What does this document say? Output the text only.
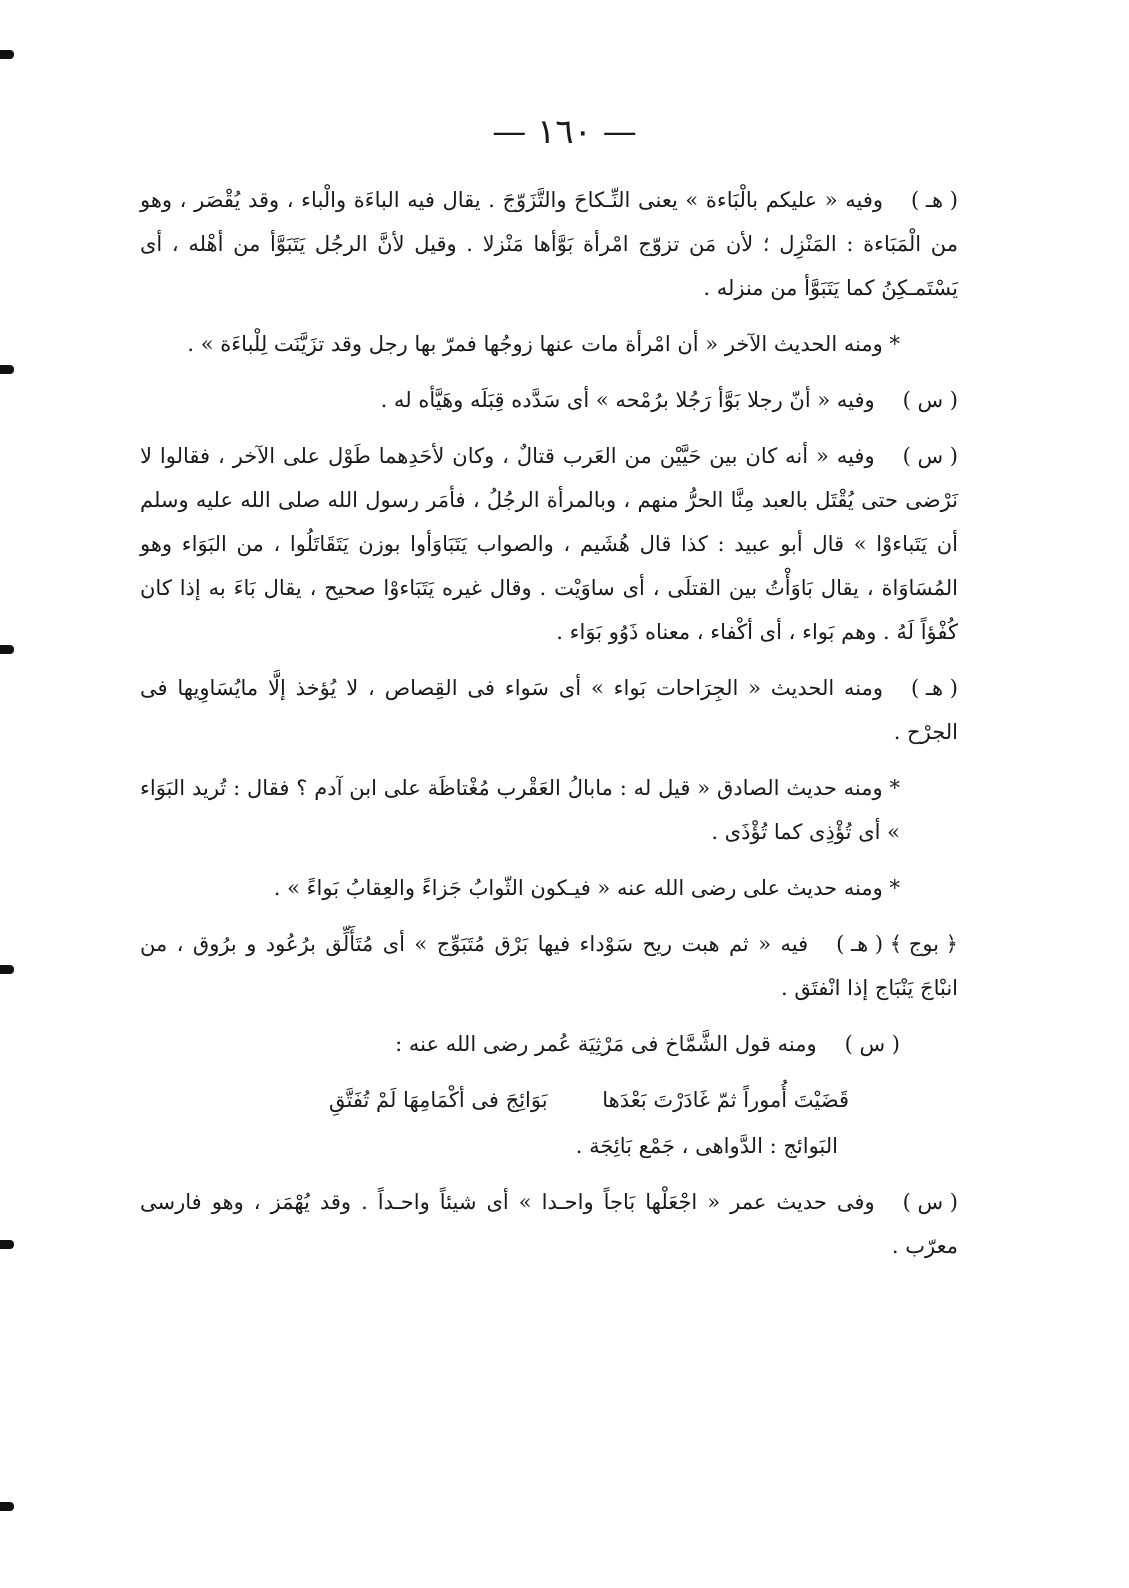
— ١٦٠ —

( هـ )وفيه « عليكم بالْبَاءة » يعنى النِّـكاحَ والتَّزَوّجَ . يقال فيه الباءَة والْباء ، وقد يُقْصَر ، وهو من الْمَبَاءة : المَنْزِل ؛ لأن مَن تزوّج امْرأة بَوَّأها مَنْزلا . وقيل لأنَّ الرجُل يَتَبَوَّأ من أهْله ، أى يَسْتَمـكِنُ كما يَتَبَوَّأ من منزله .

* ومنه الحديث الآخر « أن امْرأة مات عنها زوجُها فمرّ بها رجل وقد تزَيَّنَت لِلْباءَة » .

( س )وفيه « أنّ رجلا بَوَّأ رَجُلا برُمْحه » أى سَدَّده قِبَلَه وهَيَّأه له .

( س )وفيه « أنه كان بين حَيَّيْن من العَرب قتالٌ ، وكان لأحَدِهما طَوْل على الآخر ، فقالوا لا نَرْضى حتى يُقْتَل بالعبد مِنَّا الحرُّ منهم ، وبالمرأة الرجُلُ ، فأمَر رسول الله صلى الله عليه وسلم أن يَتَباءوْا » قال أبو عبيد : كذا قال هُشَيم ، والصواب يَتَبَاوَأوا بوزن يَتَقَاتَلُوا ، من البَوَاء وهو المُسَاوَاة ، يقال بَاوَأْتُ بين القتلَى ، أى ساوَيْت . وقال غيره يَتَبَاءوْا صحيح ، يقال بَاءَ به إذا كان كُفْؤاً لَهُ . وهم بَواء ، أى أكْفاء ، معناه ذَوُو بَوَاء .

( هـ )ومنه الحديث « الجِرَاحات بَواء » أى سَواء فى القِصاص ، لا يُؤخذ إلَّا مايُسَاوِيها فى الجرْح .

* ومنه حديث الصادق « قيل له : مابالُ العَقْرب مُغْتاظَة على ابن آدم ؟ فقال : تُريد البَوَاء » أى تُؤْذِى كما تُؤْذَى .

* ومنه حديث على رضى الله عنه « فيـكون الثّوابُ جَزاءً والعِقابُ بَواءً » .

﴿ بوج ﴾ ( هـ )فيه « ثم هبت ريح سَوْداء فيها بَرْق مُتَبَوِّج » أى مُتَأَلِّق برُعُود و برُوق ، من انبْاجَ يَنْبَاج إذا انْفتَق .

( س )ومنه قول الشَّمَّاخ فى مَرْثِيَة عُمر رضى الله عنه :

قَضَيْتَ أُموراً ثمّ غَادَرْتَ بَعْدَها بَوَائِجَ فى أكْمَامِهَا لَمْ تُفَتَّقِ

البَوائج : الدَّواهى ، جَمْع بَائِجَة .

( س )وفى حديث عمر « اجْعَلْها بَاجاً واحـدا » أى شيئاً واحـداً . وقد يُهْمَز ، وهو فارسى معرّب .
